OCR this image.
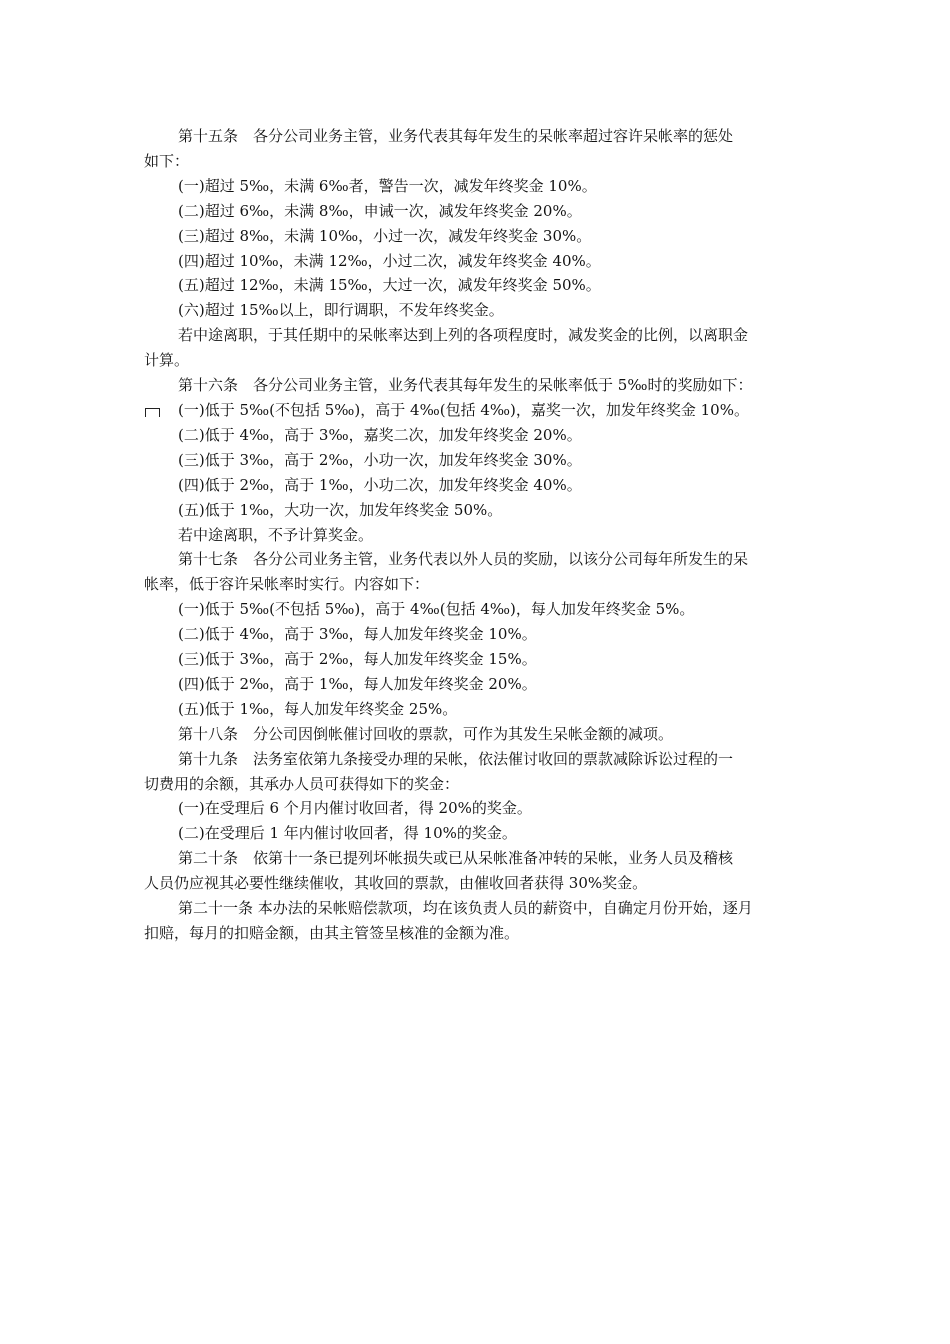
第十五条　各分公司业务主管，业务代表其每年发生的呆帐率超过容许呆帐率的惩处
如下：
(一)超过 5‰，未满 6‰者，警告一次，减发年终奖金 10%。
(二)超过 6‰，未满 8‰，申诫一次，减发年终奖金 20%。
(三)超过 8‰，未满 10‰，小过一次，减发年终奖金 30%。
(四)超过 10‰，未满 12‰，小过二次，减发年终奖金 40%。
(五)超过 12‰，未满 15‰，大过一次，减发年终奖金 50%。
(六)超过 15‰以上，即行调职，不发年终奖金。
若中途离职，于其任期中的呆帐率达到上列的各项程度时，减发奖金的比例，以离职金
计算。
第十六条　各分公司业务主管，业务代表其每年发生的呆帐率低于 5‰时的奖励如下：
(一)低于 5‰(不包括 5‰)，高于 4‰(包括 4‰)，嘉奖一次，加发年终奖金 10%。
(二)低于 4‰，高于 3‰，嘉奖二次，加发年终奖金 20%。
(三)低于 3‰，高于 2‰，小功一次，加发年终奖金 30%。
(四)低于 2‰，高于 1‰，小功二次，加发年终奖金 40%。
(五)低于 1‰，大功一次，加发年终奖金 50%。
若中途离职，不予计算奖金。
第十七条　各分公司业务主管，业务代表以外人员的奖励，以该分公司每年所发生的呆
帐率，低于容许呆帐率时实行。内容如下：
(一)低于 5‰(不包括 5‰)，高于 4‰(包括 4‰)，每人加发年终奖金 5%。
(二)低于 4‰，高于 3‰，每人加发年终奖金 10%。
(三)低于 3‰，高于 2‰，每人加发年终奖金 15%。
(四)低于 2‰，高于 1‰，每人加发年终奖金 20%。
(五)低于 1‰，每人加发年终奖金 25%。
第十八条　分公司因倒帐催讨回收的票款，可作为其发生呆帐金额的减项。
第十九条　法务室依第九条接受办理的呆帐，依法催讨收回的票款减除诉讼过程的一
切费用的余额，其承办人员可获得如下的奖金：
(一)在受理后 6 个月内催讨收回者，得 20%的奖金。
(二)在受理后 1 年内催讨收回者，得 10%的奖金。
第二十条　依第十一条已提列坏帐损失或已从呆帐准备冲转的呆帐，业务人员及稽核
人员仍应视其必要性继续催收，其收回的票款，由催收回者获得 30%奖金。
第二十一条 本办法的呆帐赔偿款项，均在该负责人员的薪资中，自确定月份开始，逐月
扣赔，每月的扣赔金额，由其主管签呈核准的金额为准。
